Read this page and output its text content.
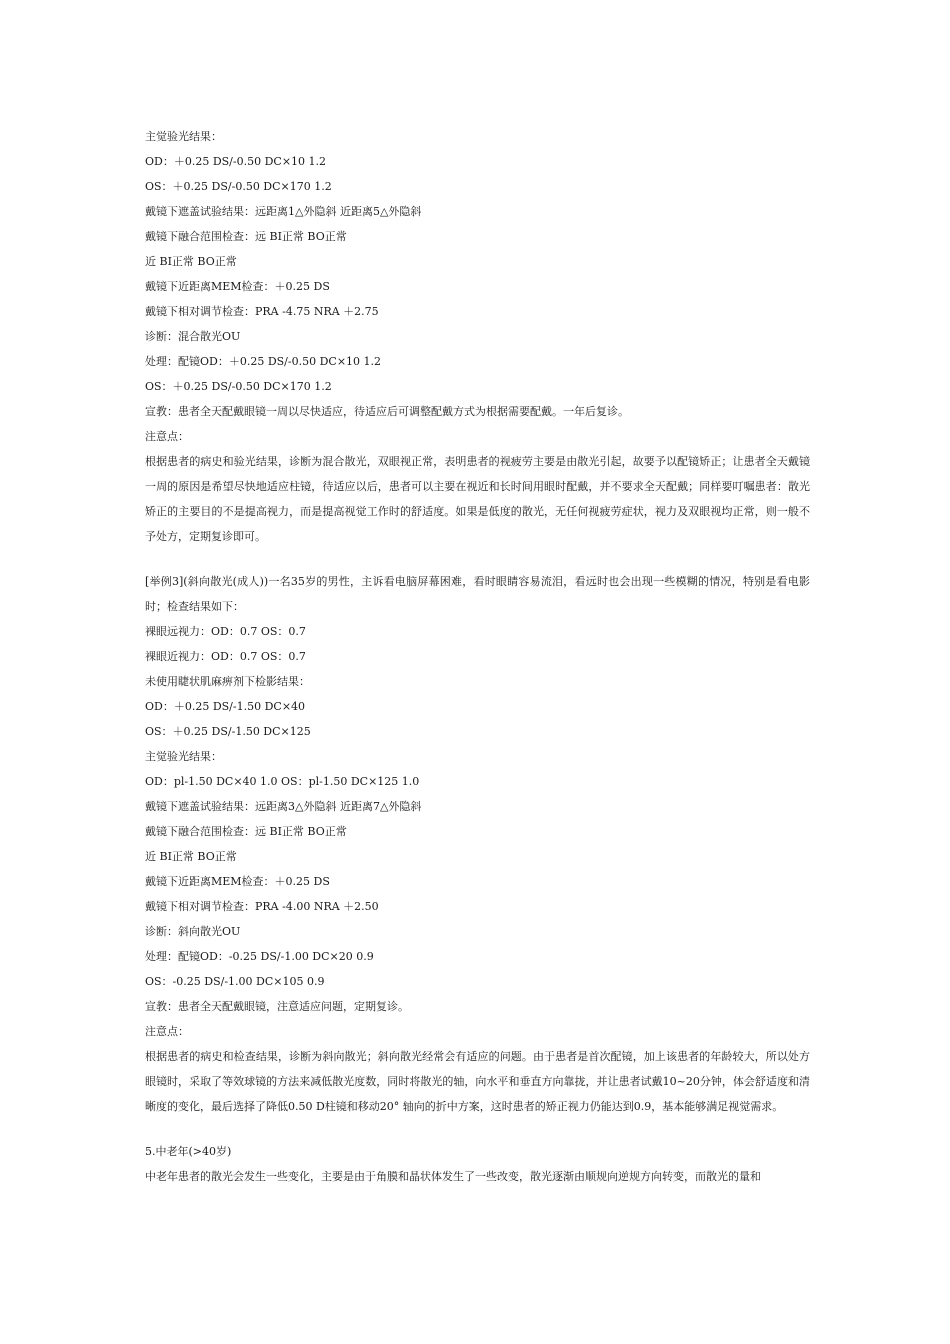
主觉验光结果：
OD：＋0.25 DS/-0.50 DC×10 1.2
OS：＋0.25 DS/-0.50 DC×170 1.2
戴镜下遮盖试验结果：远距离1△外隐斜 近距离5△外隐斜
戴镜下融合范围检查：远 BI正常 BO正常
近 BI正常 BO正常
戴镜下近距离MEM检查：＋0.25 DS
戴镜下相对调节检查：PRA -4.75 NRA ＋2.75
诊断：混合散光OU
处理：配镜OD：＋0.25 DS/-0.50 DC×10 1.2
OS：＋0.25 DS/-0.50 DC×170 1.2
宣教：患者全天配戴眼镜一周以尽快适应，待适应后可调整配戴方式为根据需要配戴。一年后复诊。
注意点：
根据患者的病史和验光结果，诊断为混合散光，双眼视正常，表明患者的视疲劳主要是由散光引起，故要予以配镜矫正；让患者全天戴镜一周的原因是希望尽快地适应柱镜，待适应以后，患者可以主要在视近和长时间用眼时配戴，并不要求全天配戴；同样要叮嘱患者：散光矫正的主要目的不是提高视力，而是提高视觉工作时的舒适度。如果是低度的散光，无任何视疲劳症状，视力及双眼视均正常，则一般不予处方，定期复诊即可。
[举例3](斜向散光(成人))一名35岁的男性，主诉看电脑屏幕困难，看时眼睛容易流泪，看远时也会出现一些模糊的情况，特别是看电影时；检查结果如下：
裸眼远视力：OD：0.7 OS：0.7
裸眼近视力：OD：0.7 OS：0.7
未使用睫状肌麻痹剂下检影结果：
OD：＋0.25 DS/-1.50 DC×40
OS：＋0.25 DS/-1.50 DC×125
主觉验光结果：
OD：pl-1.50 DC×40 1.0 OS：pl-1.50 DC×125 1.0
戴镜下遮盖试验结果：远距离3△外隐斜 近距离7△外隐斜
戴镜下融合范围检查：远 BI正常 BO正常
近 BI正常 BO正常
戴镜下近距离MEM检查：＋0.25 DS
戴镜下相对调节检查：PRA -4.00 NRA ＋2.50
诊断：斜向散光OU
处理：配镜OD：-0.25 DS/-1.00 DC×20 0.9
OS：-0.25 DS/-1.00 DC×105 0.9
宣教：患者全天配戴眼镜，注意适应问题，定期复诊。
注意点：
根据患者的病史和检查结果，诊断为斜向散光；斜向散光经常会有适应的问题。由于患者是首次配镜，加上该患者的年龄较大，所以处方眼镜时，采取了等效球镜的方法来减低散光度数，同时将散光的轴，向水平和垂直方向靠拢，并让患者试戴10~20分钟，体会舒适度和清晰度的变化，最后选择了降低0.50 D柱镜和移动20° 轴向的折中方案，这时患者的矫正视力仍能达到0.9，基本能够满足视觉需求。
5.中老年(>40岁)
中老年患者的散光会发生一些变化，主要是由于角膜和晶状体发生了一些改变，散光逐渐由顺规向逆规方向转变，而散光的量和
